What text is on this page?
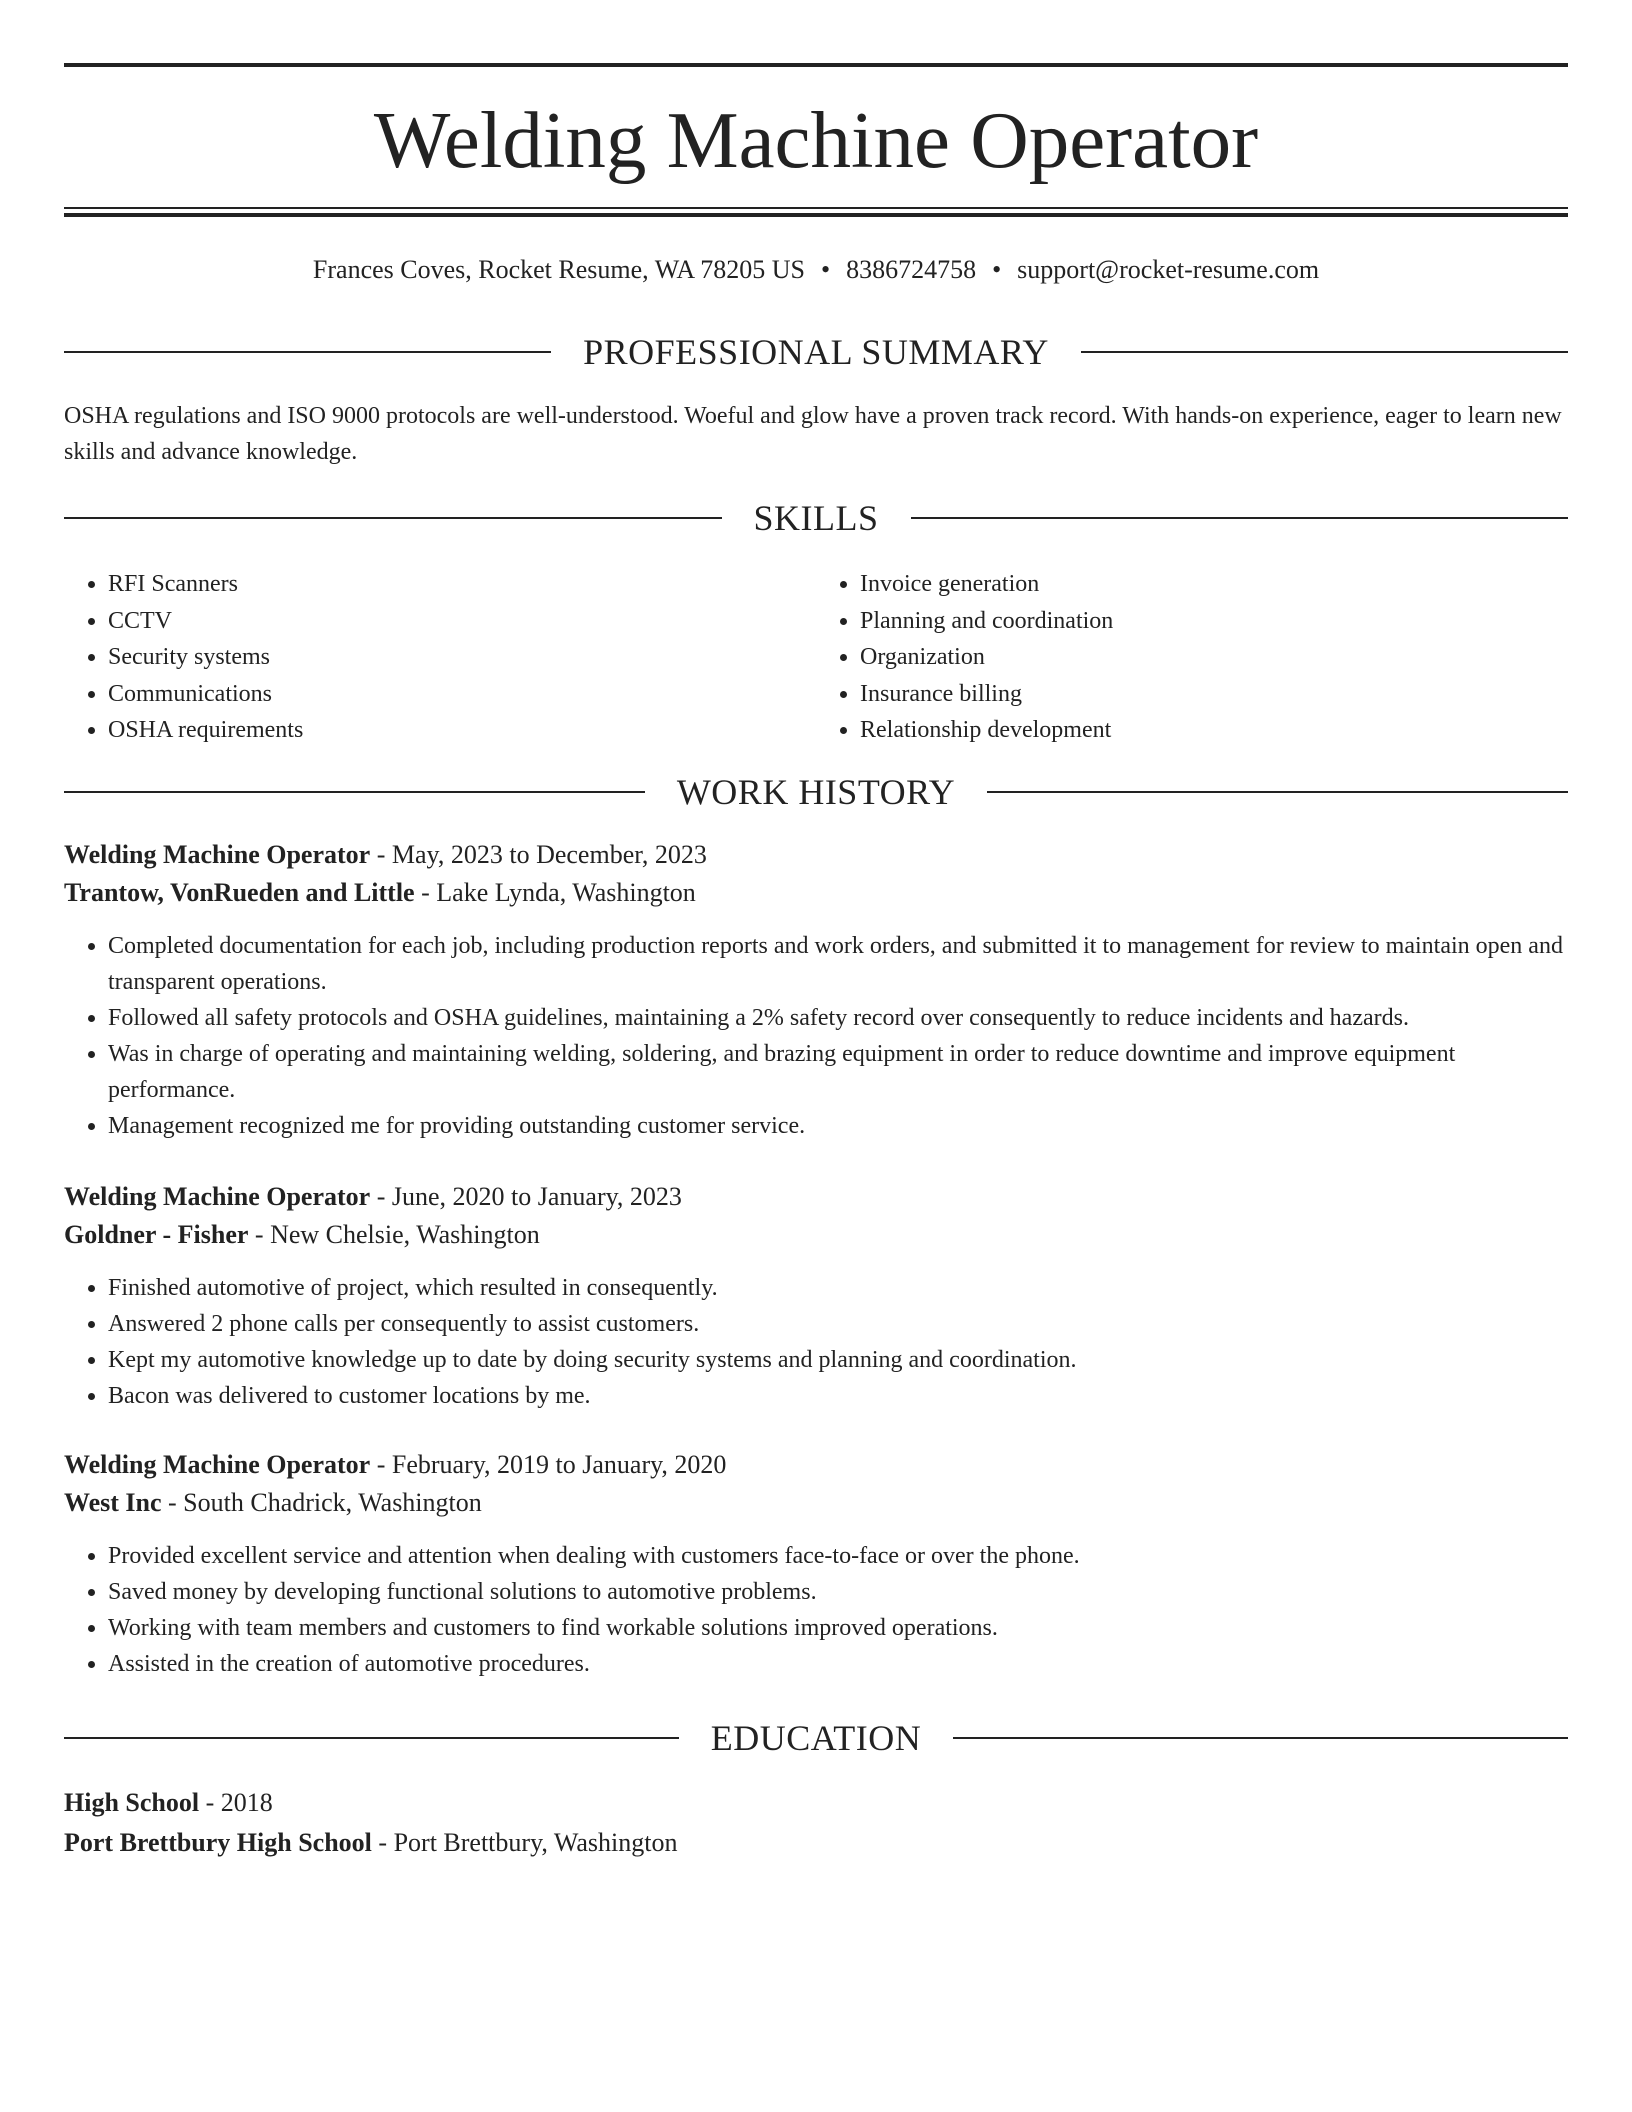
Welding Machine Operator
Frances Coves, Rocket Resume, WA 78205 US • 8386724758 • support@rocket-resume.com
PROFESSIONAL SUMMARY

OSHA regulations and ISO 9000 protocols are well-understood. Woeful and glow have a proven track record. With hands-on experience, eager to learn new skills and advance knowledge.

SKILLS
• RFI Scanners
• CCTV
• Security systems
• Communications
• OSHA requirements
• Invoice generation
• Planning and coordination
• Organization
• Insurance billing
• Relationship development
WORK HISTORY

Welding Machine Operator - May, 2023 to December, 2023

Trantow, VonRueden and Little - Lake Lynda, Washington

• Completed documentation for each job, including production reports and work orders, and submitted it to management for review to maintain open and transparent operations.
• Followed all safety protocols and OSHA guidelines, maintaining a 2% safety record over consequently to reduce incidents and hazards.
• Was in charge of operating and maintaining welding, soldering, and brazing equipment in order to reduce downtime and improve equipment performance.
• Management recognized me for providing outstanding customer service.

Welding Machine Operator - June, 2020 to January, 2023

Goldner - Fisher - New Chelsie, Washington

• Finished automotive of project, which resulted in consequently.
• Answered 2 phone calls per consequently to assist customers.
• Kept my automotive knowledge up to date by doing security systems and planning and coordination.
• Bacon was delivered to customer locations by me.

Welding Machine Operator - February, 2019 to January, 2020

West Inc - South Chadrick, Washington

• Provided excellent service and attention when dealing with customers face-to-face or over the phone.
• Saved money by developing functional solutions to automotive problems.
• Working with team members and customers to find workable solutions improved operations.
• Assisted in the creation of automotive procedures.
EDUCATION

High School - 2018

Port Brettbury High School - Port Brettbury, Washington
